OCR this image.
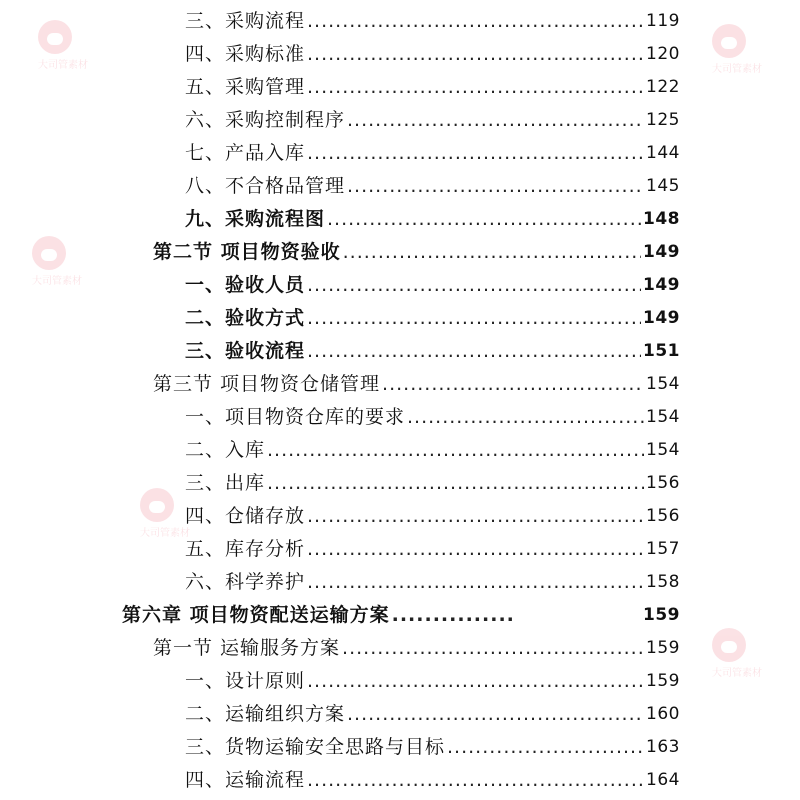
三、采购流程 .....	119
四、采购标准 .....	120
五、采购管理 .....	122
六、采购控制程序 .....	125
七、产品入库 .....	144
八、不合格品管理 .....	145
九、采购流程图 .....	148
第二节 项目物资验收 .....	149
一、验收人员 .....	149
二、验收方式 .....	149
三、验收流程 .....	151
第三节 项目物资仓储管理 .....	154
一、项目物资仓库的要求 .....	154
二、入库 .....	154
三、出库 .....	156
四、仓储存放 .....	156
五、库存分析 .....	157
六、科学养护 .....	158
第六章 项目物资配送运输方案 .....	159
第一节 运输服务方案 .....	159
一、设计原则 .....	159
二、运输组织方案 .....	160
三、货物运输安全思路与目标 .....	163
四、运输流程 .....	164
大司管素材	大司管素材
大司管素材
大司管素材
大司管素材
